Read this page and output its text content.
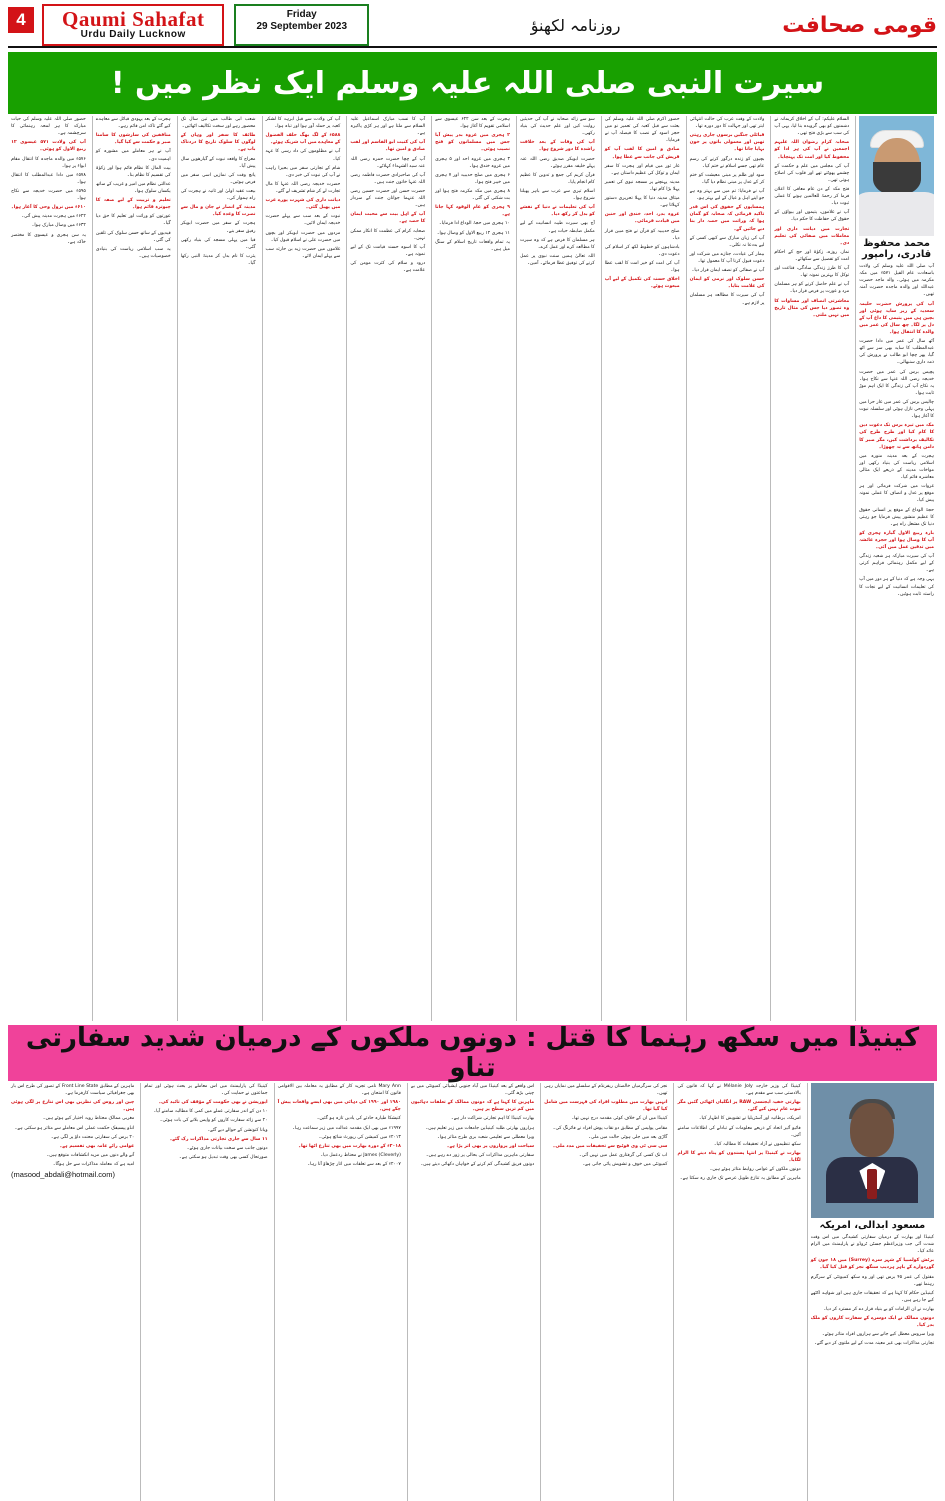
4	Qaumi Sahafat
Urdu Daily Lucknow
Friday
29 September 2023	روزنامہ لکھنؤ	قومی صحافت
سیرت النبی صلی اللہ علیہ وسلم ایک نظر میں !
محمد محفوظ قادری، رامپور

آپ صلی اللہ علیہ وسلم کی ولادت باسعادت عام الفیل ۵۷۱ء میں مکہ مکرمہ میں ہوئی۔ والد ماجد حضرت عبداللہ اور والدہ ماجدہ حضرت آمنہ تھیں۔

آپ کی پرورش حضرت حلیمہ سعدیہ کے زیر سایہ ہوئی اور بچپن ہی میں یتیمی کا داغ آپ کے دل پر لگا۔ چھ سال کی عمر میں والدہ کا انتقال ہوا۔

آٹھ سال کی عمر میں دادا حضرت عبدالمطلب کا سایہ بھی سر سے اٹھ گیا، پھر چچا ابو طالب نے پرورش کی ذمہ داری سنبھالی۔

پچیس برس کی عمر میں حضرت خدیجہ رضی اللہ عنہا سے نکاح ہوا۔ یہ نکاح آپ کی زندگی کا ایک اہم موڑ ثابت ہوا۔

چالیس برس کی عمر میں غار حرا میں پہلی وحی نازل ہوئی اور سلسلہ نبوت کا آغاز ہوا۔

مکہ میں تیرہ برس تک دعوت دین کا کام کیا اور طرح طرح کی تکالیف برداشت کیں، مگر صبر کا دامن ہاتھ سے نہ چھوڑا۔

ہجرت کے بعد مدینہ منورہ میں اسلامی ریاست کی بنیاد رکھی اور مواخات مدینہ کے ذریعے ایک مثالی معاشرہ قائم کیا۔

غزوات میں شرکت فرمائی اور ہر موقع پر عدل و انصاف کا عملی نمونہ پیش کیا۔

حجۃ الوداع کے موقع پر انسانی حقوق کا عظیم منشور پیش فرمایا جو رہتی دنیا تک مشعل راہ ہے۔

بارہ ربیع الاول گیارہ ہجری کو آپ کا وصال ہوا اور حجرہ عائشہ میں تدفین عمل میں آئی۔

آپ کی سیرت مبارکہ ہر شعبہ زندگی کے لیے مکمل رہنمائی فراہم کرتی ہے۔

یہی وجہ ہے کہ دنیا کے ہر دور میں آپ کی تعلیمات انسانیت کے لیے نجات کا راستہ ثابت ہوئیں۔

السلام علیکم: آپ کے اخلاق کریمانہ نے دشمنوں کو بھی گرویدہ بنا لیا، یہی آپ کی سب سے بڑی فتح تھی۔

صحابہ کرام رضوان اللہ علیہم اجمعین نے آپ کی ہر ادا کو محفوظ کیا اور امت تک پہنچایا۔

آپ کی مجلس میں علم و حکمت کے چشمے پھوٹتے تھے اور قلوب کی اصلاح ہوتی تھی۔

فتح مکہ کے دن عام معافی کا اعلان فرما کر رحمۃ للعالمین ہونے کا عملی ثبوت دیا۔

آپ نے غلاموں، یتیموں اور بیواؤں کے حقوق کی حفاظت کا حکم دیا۔

تجارت میں دیانت داری اور معاملات میں صفائی کی تعلیم دی۔

نماز، روزہ، زکوٰۃ اور حج کے احکام امت کو تفصیل سے سکھائے۔

آپ کا طرز زندگی سادگی، قناعت اور توکل کا بہترین نمونہ تھا۔

آپ نے علم حاصل کرنے کو ہر مسلمان مرد و عورت پر فرض قرار دیا۔

معاشرتی انصاف اور مساوات کا وہ تصور دیا جس کی مثال تاریخ میں نہیں ملتی۔

ولادت کے وقت عرب کی حالت انتہائی ابتر تھی اور جہالت کا دور دورہ تھا۔

قبائلی جنگیں برسوں جاری رہتی تھیں اور معمولی باتوں پر خون بہایا جاتا تھا۔

بچیوں کو زندہ درگور کرنے کی رسم عام تھی جسے اسلام نے ختم کیا۔

سود اور ظلم پر مبنی معیشت کو ختم کر کے عدل پر مبنی نظام دیا گیا۔

آپ نے فرمایا: تم میں سے بہتر وہ ہے جو اپنے اہل و عیال کے لیے بہتر ہو۔

ہمسایوں کے حقوق کی اس قدر تاکید فرمائی کہ صحابہ کو گمان ہوا کہ وراثت میں حصہ دار بنا دیے جائیں گے۔

آپ کی زبان مبارک سے کبھی کسی کے لیے بددعا نہ نکلی۔

بیمار کی عیادت، جنازے میں شرکت اور دعوت قبول کرنا آپ کا معمول تھا۔

آپ نے صفائی کو نصف ایمان قرار دیا۔

حسن سلوک اور نرمی کو ایمان کی علامت بتایا۔

آپ کی سیرت کا مطالعہ ہر مسلمان پر لازم ہے۔

حضور اکرم صلی اللہ علیہ وسلم کی بعثت سے قبل کعبہ کی تعمیر نو میں حجر اسود کے نصب کا فیصلہ آپ نے فرمایا۔

صادق و امین کا لقب آپ کو قریش کی جانب سے عطا ہوا۔

غار ثور میں قیام اور ہجرت کا سفر ایمان و توکل کی عظیم داستان ہے۔

مدینہ پہنچنے پر مسجد نبوی کی تعمیر پہلا بڑا کام تھا۔

میثاق مدینہ دنیا کا پہلا تحریری دستور کہلاتا ہے۔

غزوہ بدر، احد، خندق اور حنین میں قیادت فرمائی۔

صلح حدیبیہ کو قرآن نے فتح مبین قرار دیا۔

بادشاہوں کو خطوط لکھ کر اسلام کی دعوت دی۔

آپ کی امت کو خیر امت کا لقب عطا ہوا۔

اخلاق حسنہ کی تکمیل کے لیے آپ مبعوث ہوئے۔

سو سے زائد صحابہ نے آپ کی حدیثیں روایت کیں اور علم حدیث کی بنیاد رکھی۔

آپ کی وفات کے بعد خلافت راشدہ کا دور شروع ہوا۔

حضرت ابوبکر صدیق رضی اللہ عنہ پہلے خلیفہ مقرر ہوئے۔

قرآن کریم کی جمع و تدوین کا عظیم کام انجام پایا۔

اسلام تیزی سے عرب سے باہر پھیلنا شروع ہوا۔

آپ کی تعلیمات نے دنیا کے نقشے کو بدل کر رکھ دیا۔

آج بھی سیرت طیبہ انسانیت کے لیے مکمل ضابطہ حیات ہے۔

ہر مسلمان کا فرض ہے کہ وہ سیرت کا مطالعہ کرے اور عمل کرے۔

اللہ تعالیٰ ہمیں سنت نبوی پر عمل کرنے کی توفیق عطا فرمائے۔ آمین۔

ہجرت کے بعد سن ۶۲۲ عیسوی سے اسلامی تقویم کا آغاز ہوا۔

۲ ہجری میں غزوہ بدر پیش آیا جس میں مسلمانوں کو فتح نصیب ہوئی۔

۳ ہجری میں غزوہ احد اور ۵ ہجری میں غزوہ خندق ہوا۔

۶ ہجری میں صلح حدیبیہ اور ۷ ہجری میں خیبر فتح ہوا۔

۸ ہجری میں مکہ مکرمہ فتح ہوا اور بت شکنی کی گئی۔

۹ ہجری کو عام الوفود کہا جاتا ہے۔

۱۰ ہجری میں حجۃ الوداع ادا فرمایا۔

۱۱ ہجری ۱۲ ربیع الاول کو وصال ہوا۔

یہ تمام واقعات تاریخ اسلام کے سنگ میل ہیں۔

آپ کا نسب مبارک اسماعیل علیہ السلام سے ملتا ہے اور ہر کڑی پاکیزہ ہے۔

آپ کی کنیت ابو القاسم اور لقب صادق و امین تھا۔

آپ کے چچا حضرت حمزہ رضی اللہ عنہ سید الشہداء کہلائے۔

آپ کی صاحبزادی حضرت فاطمہ رضی اللہ عنہا خاتون جنت ہیں۔

حضرت حسن اور حضرت حسین رضی اللہ عنہما جوانان جنت کے سردار ہیں۔

آپ کے اہل بیت سے محبت ایمان کا حصہ ہے۔

صحابہ کرام کی عظمت کا انکار ممکن نہیں۔

آپ کا اسوہ حسنہ قیامت تک کے لیے نمونہ ہے۔

درود و سلام کی کثرت مومن کی علامت ہے۔

آپ کی ولادت سے قبل ابرہہ کا لشکر کعبہ پر حملہ آور ہوا اور تباہ ہوا۔

۵۸۸ء کے لگ بھگ حلف الفضول کے معاہدے میں آپ شریک ہوئے۔

آپ نے مظلوموں کی داد رسی کا عہد کیا۔

شام کے تجارتی سفر میں بحیرا راہب نے آپ کی نبوت کی خبر دی۔

حضرت خدیجہ رضی اللہ عنہا کا مال تجارت لے کر شام تشریف لے گئے۔

دیانت داری کی شہرت پورے عرب میں پھیل گئی۔

نبوت کے بعد سب سے پہلے حضرت خدیجہ ایمان لائیں۔

مردوں میں حضرت ابوبکر اور بچوں میں حضرت علی نے اسلام قبول کیا۔

غلاموں میں حضرت زید بن حارثہ سب سے پہلے ایمان لائے۔

شعب ابی طالب میں تین سال تک محصور رہے اور سخت تکالیف اٹھائیں۔

طائف کا سفر اور وہاں کے لوگوں کا سلوک تاریخ کا دردناک باب ہے۔

معراج کا واقعہ نبوت کے گیارھویں سال پیش آیا۔

پانچ وقت کی نمازیں اسی سفر میں فرض ہوئیں۔

بیعت عقبہ اولیٰ اور ثانیہ نے ہجرت کی راہ ہموار کی۔

مدینہ کے انصار نے جان و مال سے نصرت کا وعدہ کیا۔

ہجرت کے سفر میں حضرت ابوبکر رفیق سفر بنے۔

قبا میں پہلی مسجد کی بنیاد رکھی گئی۔

یثرب کا نام بدل کر مدینۃ النبی رکھا گیا۔

ہجرت کے بعد یہودی قبائل سے معاہدے کیے گئے تاکہ امن قائم رہے۔

منافقین کی سازشوں کا سامنا صبر و حکمت سے کیا گیا۔

آپ نے ہر معاملے میں مشورہ کو اہمیت دی۔

بیت المال کا نظام قائم ہوا اور زکوٰۃ کی تقسیم کا نظام بنا۔

عدالتی نظام میں امیر و غریب کے ساتھ یکساں سلوک ہوا۔

تعلیم و تربیت کے لیے صفہ کا چبوترہ قائم ہوا۔

عورتوں کو وراثت اور تعلیم کا حق دیا گیا۔

قیدیوں کے ساتھ حسن سلوک کی تلقین کی گئی۔

یہ سب اسلامی ریاست کی بنیادی خصوصیات ہیں۔

حضور صلی اللہ علیہ وسلم کی حیات مبارکہ کا ہر لمحہ رہنمائی کا سرچشمہ ہے۔

آپ کی ولادت ۵۷۱ عیسوی ۱۲ ربیع الاول کو ہوئی۔

۵۷۶ء میں والدہ ماجدہ کا انتقال مقام ابواء پر ہوا۔

۵۷۸ء میں دادا عبدالمطلب کا انتقال ہوا۔

۵۹۵ء میں حضرت خدیجہ سے نکاح ہوا۔

۶۱۰ء میں نزول وحی کا آغاز ہوا۔

۶۲۲ء میں ہجرت مدینہ پیش آئی۔

۶۳۲ء میں وصال مبارک ہوا۔

یہ سن ہجری و عیسوی کا مختصر خاکہ ہے۔

کینیڈا میں سکھ رہنما کا قتل : دونوں ملکوں کے درمیان شدید سفارتی تناو
مسعود ابدالی، امریکہ

کینیڈا اور بھارت کے درمیان سفارتی کشیدگی میں اس وقت شدت آئی جب وزیراعظم جسٹن ٹروڈو نے پارلیمنٹ میں الزام عائد کیا۔

برٹش کولمبیا کے شہر سرے (Surrey) میں ۱۸ جون کو گوردوارے کے باہر ہردیپ سنگھ نجر کو قتل کیا گیا۔

مقتول کی عمر ۴۵ برس تھی اور وہ سکھ کمیونٹی کے سرگرم رہنما تھے۔

کینیڈین حکام کا کہنا ہے کہ تحقیقات جاری ہیں اور شواہد اکٹھے کیے جا رہے ہیں۔

بھارت نے ان الزامات کو بے بنیاد قرار دے کر مسترد کر دیا۔

دونوں ممالک نے ایک دوسرے کے سفارت کاروں کو ملک بدر کیا۔

ویزا سروس معطل کیے جانے سے ہزاروں افراد متاثر ہوئے۔

تجارتی مذاکرات بھی غیر معینہ مدت کے لیے ملتوی کر دیے گئے۔

کینیڈا کی وزیر خارجہ Mélanie Joly نے کہا کہ قانون کی بالادستی سب سے مقدم ہے۔

بھارتی خفیہ ایجنسی RAW پر انگلیاں اٹھائی گئیں مگر ثبوت عام نہیں کیے گئے۔

امریکہ، برطانیہ اور آسٹریلیا نے تشویش کا اظہار کیا۔

فائیو آئیز اتحاد کے ذریعے معلومات کے تبادلے کی اطلاعات سامنے آئیں۔

سکھ تنظیموں نے آزاد تحقیقات کا مطالبہ کیا۔

بھارت نے کینیڈا پر انتہا پسندوں کو پناہ دینے کا الزام لگایا۔

دونوں ملکوں کے عوامی روابط متاثر ہوئے ہیں۔

ماہرین کے مطابق یہ تنازع طویل عرصے تک جاری رہ سکتا ہے۔

نجر کی سرگرمیاں خالصتان ریفرنڈم کے سلسلے میں نمایاں رہی تھیں۔

انہیں بھارت میں مطلوب افراد کی فہرست میں شامل کیا گیا تھا۔

کینیڈا میں ان کے خلاف کوئی مقدمہ درج نہیں تھا۔

مقامی پولیس کے مطابق دو نقاب پوش افراد نے فائرنگ کی۔

گاڑی بعد میں جلی ہوئی حالت میں ملی۔

سی سی ٹی وی فوٹیج سے تحقیقات میں مدد ملی۔

اب تک کسی کی گرفتاری عمل میں نہیں آئی۔

کمیونٹی میں خوف و تشویش پائی جاتی ہے۔

اس واقعے کے بعد کینیڈا میں آباد جنوبی ایشیائی کمیونٹی میں بے چینی بڑھ گئی۔

ماہرین کا کہنا ہے کہ دونوں ممالک کے تعلقات دہائیوں میں کم ترین سطح پر ہیں۔

بھارت کینیڈا کا اہم تجارتی شراکت دار ہے۔

ہزاروں بھارتی طلبہ کینیڈین جامعات میں زیر تعلیم ہیں۔

ویزا معطلی سے تعلیمی شعبہ بری طرح متاثر ہوا۔

سیاحت اور پروازوں پر بھی اثر پڑا ہے۔

سفارتی ماہرین مذاکرات کی بحالی پر زور دے رہے ہیں۔

دونوں فریق کشیدگی کم کرنے کے خواہاں دکھائی دیتے ہیں۔

Mary Ann نامی تجزیہ کار کے مطابق یہ معاملہ بین الاقوامی قانون کا امتحان ہے۔

۱۹۸۰ اور ۱۹۹۰ کی دہائی میں بھی ایسے واقعات پیش آ چکے ہیں۔

کنیشکا طیارہ حادثے کی یادیں تازہ ہو گئیں۔

۱۹۹۷ء میں بھی ایک مقدمہ عدالت میں زیر سماعت رہا۔

۲۰۱۳ء میں کمیشن کی رپورٹ شائع ہوئی۔

۲۰۱۸ء کے دورہ بھارت میں بھی تنازع اٹھا تھا۔

James (Cleverly) نے محتاط ردعمل دیا۔

۲۰۰۷ء کے بعد سے تعلقات میں اتار چڑھاؤ آتا رہا۔

کینیڈا کی پارلیمنٹ میں اس معاملے پر بحث ہوئی اور تمام جماعتوں نے حمایت کی۔

اپوزیشن نے بھی حکومت کے مؤقف کی تائید کی۔

۱۰ دن کے اندر سفارتی عملے میں کمی کا مطالبہ سامنے آیا۔

۲۰ سے زائد سفارت کاروں کو واپس بلانے کی بات ہوئی۔

ویانا کنونشن کے حوالے دیے گئے۔

۱۱ سال سے جاری تجارتی مذاکرات رک گئے۔

دونوں جانب سے سخت بیانات جاری ہوئے۔

صورتحال کسی بھی وقت تبدیل ہو سکتی ہے۔

ماہرین کے مطابق Front Line State کے تصور کی طرح اس بار بھی جغرافیائی سیاست کارفرما ہے۔

چین اور روس کی نظریں بھی اس تنازع پر لگی ہوئی ہیں۔

مغربی ممالک محتاط رویہ اختیار کیے ہوئے ہیں۔

انڈو پیسیفک حکمت عملی اس معاملے سے متاثر ہو سکتی ہے۔

۲۰ برس کی سفارتی محنت داؤ پر لگی ہے۔

عوامی رائے عامہ بھی تقسیم ہے۔

آنے والے دنوں میں مزید انکشافات متوقع ہیں۔

امید ہے کہ معاملہ مذاکرات سے حل ہوگا۔

(masood_abdali@hotmail.com)
